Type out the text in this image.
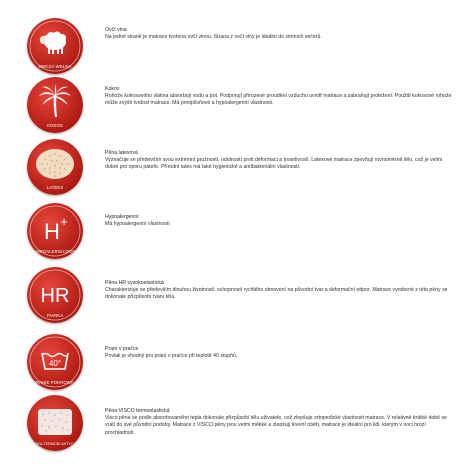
OMCZA WEŁNA
Ovčí vlna
Na jedné straně je matrace tvořena ovčí vlnou. Strana z ovčí vlny je ideální do zimních večerů.
KOKOS
Kokos
Rohože kokosového vlákna absorbují vodu a pot. Podporují přirozené proudění vzduchu uvnitř matrace a zabraňují proležení. Použití kokosové rohože může zvýšit tvrdost matrace. Má protiplísňové a hypoalergenní vlastnosti.
LATEKS
Pěna latexová
Vyznačuje se především svou extrémní pružností, odolností proti deformaci a trvanlivostí. Latexové matrace zpevňují rovnoměrně tělo, což je velmi dobré pro oporu páteře. Přírodní latex má také hygienické a antibakteriální vlastnosti.
H +
HIPOALERGICZNY
Hypoalergenní
Má hypoalergenní vlastnosti
HR
PIANKA
Pěna HR vysokoelastická
Charakterizuje se především dlouhou životností, schopností rychlého obnovení na původní tvar a deformační odpor. Matrace vyrobené z této pěny se dokonale přizpůsobí tvaru těla.
40°
PRANIE POKROWCA
Praní v pračce
Povlak je vhodný pro praní v pračce při teplotě 40 stupňů.
PIANKA TERMOELASTYCZNA
Pěna VISCO termoelastická
Visco pěna se podle absorbovaného tepla dokonale přizpůsobí tělu uživatele, což zlepšuje ortopedické vlastnosti matrace. V relativně krátké době se vrátí do své původní podoby. Matrace z VISCO pěny jsou velmi měkké a zlepšují krevní oběh, matrace je ideální pro lidi, kterým v noci hrozí prochladnutí.
